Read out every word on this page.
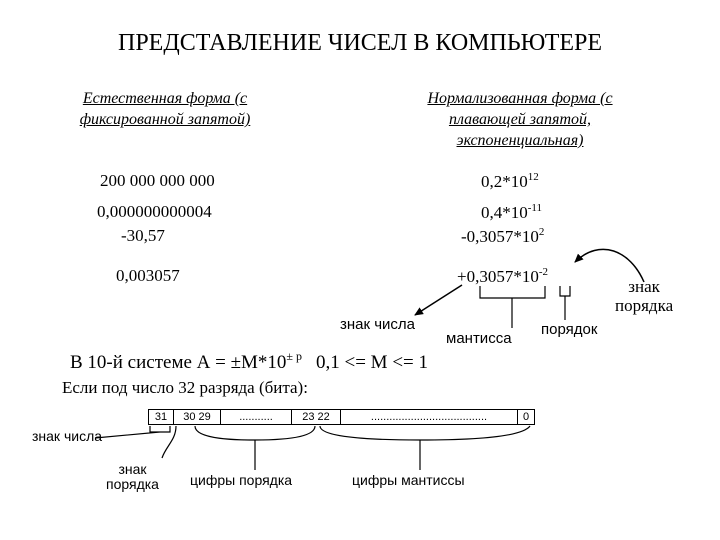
ПРЕДСТАВЛЕНИЕ ЧИСЕЛ В КОМПЬЮТЕРЕ
Естественная форма (с
фиксированной запятой)
Нормализованная форма (с
плавающей запятой,
экспоненциальная)
200 000 000 000
0,000000000004
-30,57
0,003057
$0,2*10^{12}$
$0,4*10^{-11}$
$-0,3057*10^2$
$+0,3057*10^{-2}$
знак
порядка
знак числа
мантисса
порядок
В 10-й системе $А = \pm М*10^{\pm р}$ 0,1 <= М <= 1
Если под число 32 разряда (бита):
31	30 29	...........	23 22	......................................	0
знак числа
знак
порядка цифры порядка	цифры мантиссы
